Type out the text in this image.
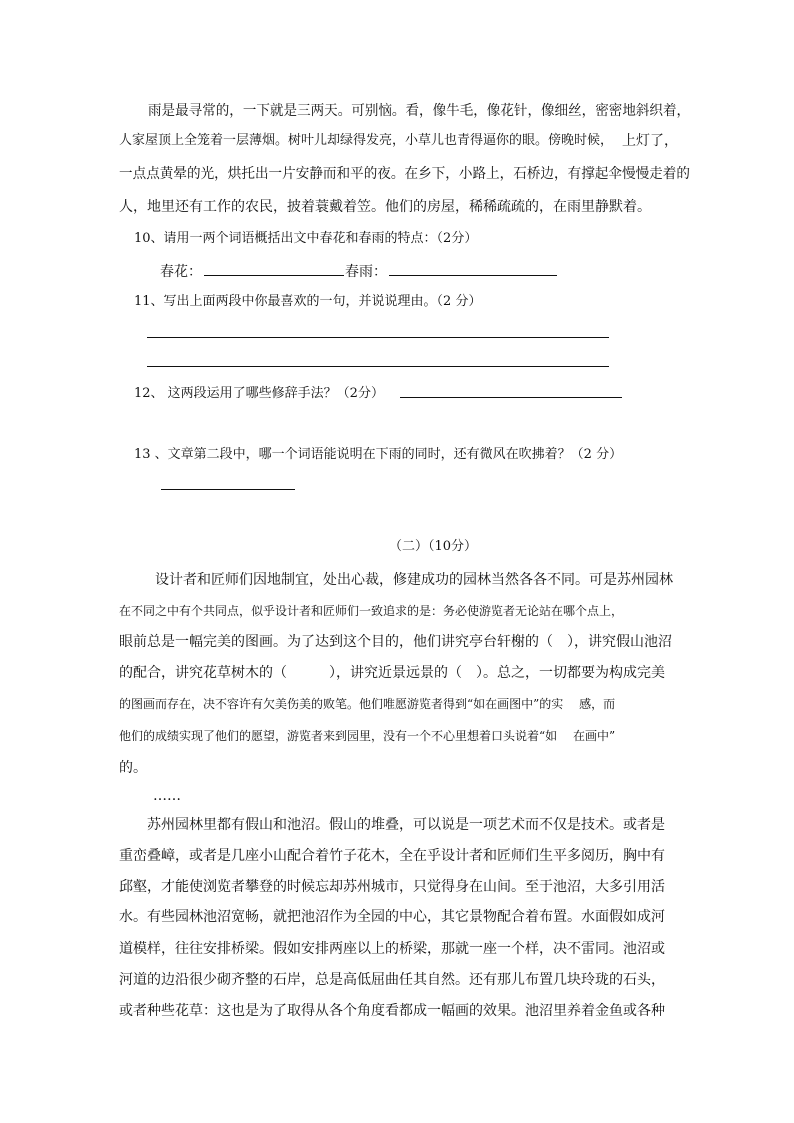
雨是最寻常的，一下就是三两天。可别恼。看，像牛毛，像花针，像细丝，密密地斜织着，
人家屋顶上全笼着一层薄烟。树叶儿却绿得发亮，小草儿也青得逼你的眼。傍晚时候， 上灯了，
一点点黄晕的光，烘托出一片安静而和平的夜。在乡下，小路上，石桥边，有撑起伞慢慢走着的
人，地里还有工作的农民，披着蓑戴着笠。他们的房屋，稀稀疏疏的，在雨里静默着。
10、请用一两个词语概括出文中春花和春雨的特点：（2分）
春花：	春雨：
11、写出上面两段中你最喜欢的一句，并说说理由。（2 分）
12、 这两段运用了哪些修辞手法？（2分）
13 、文章第二段中，哪一个词语能说明在下雨的同时，还有微风在吹拂着？（2 分）
（二）（10分）
设计者和匠师们因地制宜，处出心裁，修建成功的园林当然各各不同。可是苏州园林
在不同之中有个共同点，似乎设计者和匠师们一致追求的是：务必使游览者无论站在哪个点上，
眼前总是一幅完美的图画。为了达到这个目的，他们讲究亭台轩榭的（　），讲究假山池沼
的配合，讲究花草树木的（　　　），讲究近景远景的（　）。总之，一切都要为构成完美
的图画而存在，决不容许有欠美伤美的败笔。他们唯愿游览者得到“如在画图中”的实　 感，而
他们的成绩实现了他们的愿望，游览者来到园里，没有一个不心里想着口头说着“如　 在画中”
的。
……
苏州园林里都有假山和池沼。假山的堆叠，可以说是一项艺术而不仅是技术。或者是
重峦叠嶂，或者是几座小山配合着竹子花木，全在乎设计者和匠师们生平多阅历，胸中有
邱壑，才能使浏览者攀登的时候忘却苏州城市，只觉得身在山间。至于池沼，大多引用活
水。有些园林池沼宽畅，就把池沼作为全园的中心，其它景物配合着布置。水面假如成河
道模样，往往安排桥梁。假如安排两座以上的桥梁，那就一座一个样，决不雷同。池沼或
河道的边沿很少砌齐整的石岸，总是高低屈曲任其自然。还有那儿布置几块玲珑的石头，
或者种些花草：这也是为了取得从各个角度看都成一幅画的效果。池沼里养着金鱼或各种
